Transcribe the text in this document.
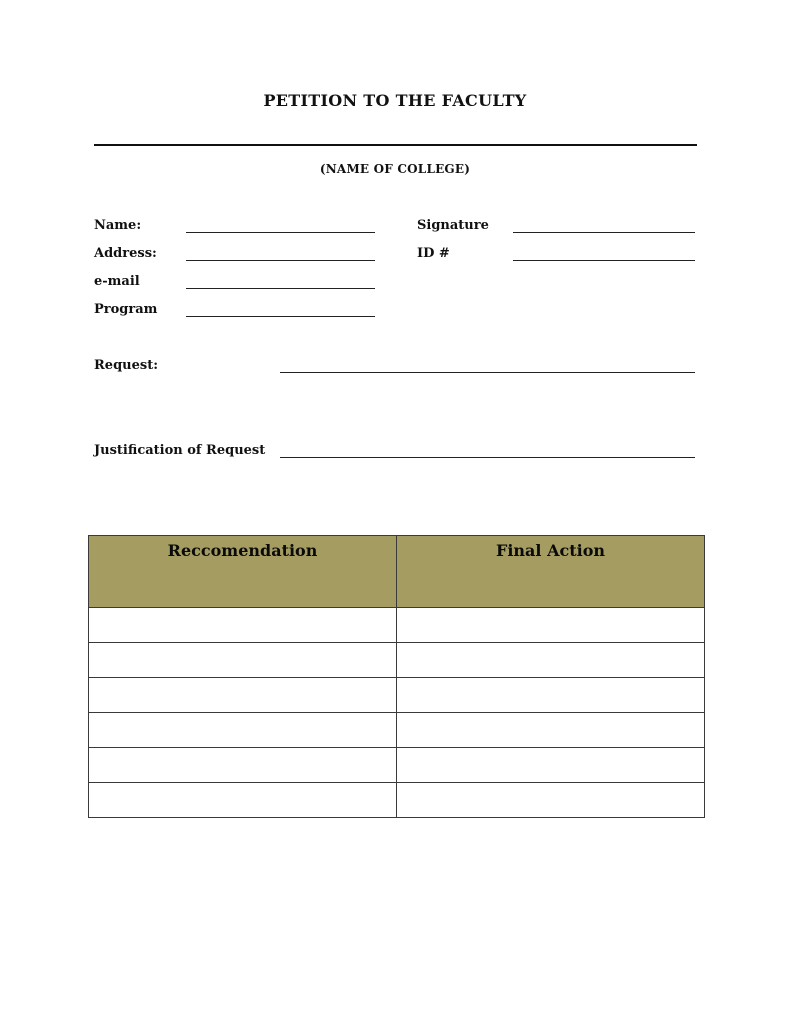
PETITION TO THE FACULTY
(NAME OF COLLEGE)
Name:	Signature
Address:	ID #
e-mail
Program
Request:
Justification of Request
Reccomendation	Final Action
